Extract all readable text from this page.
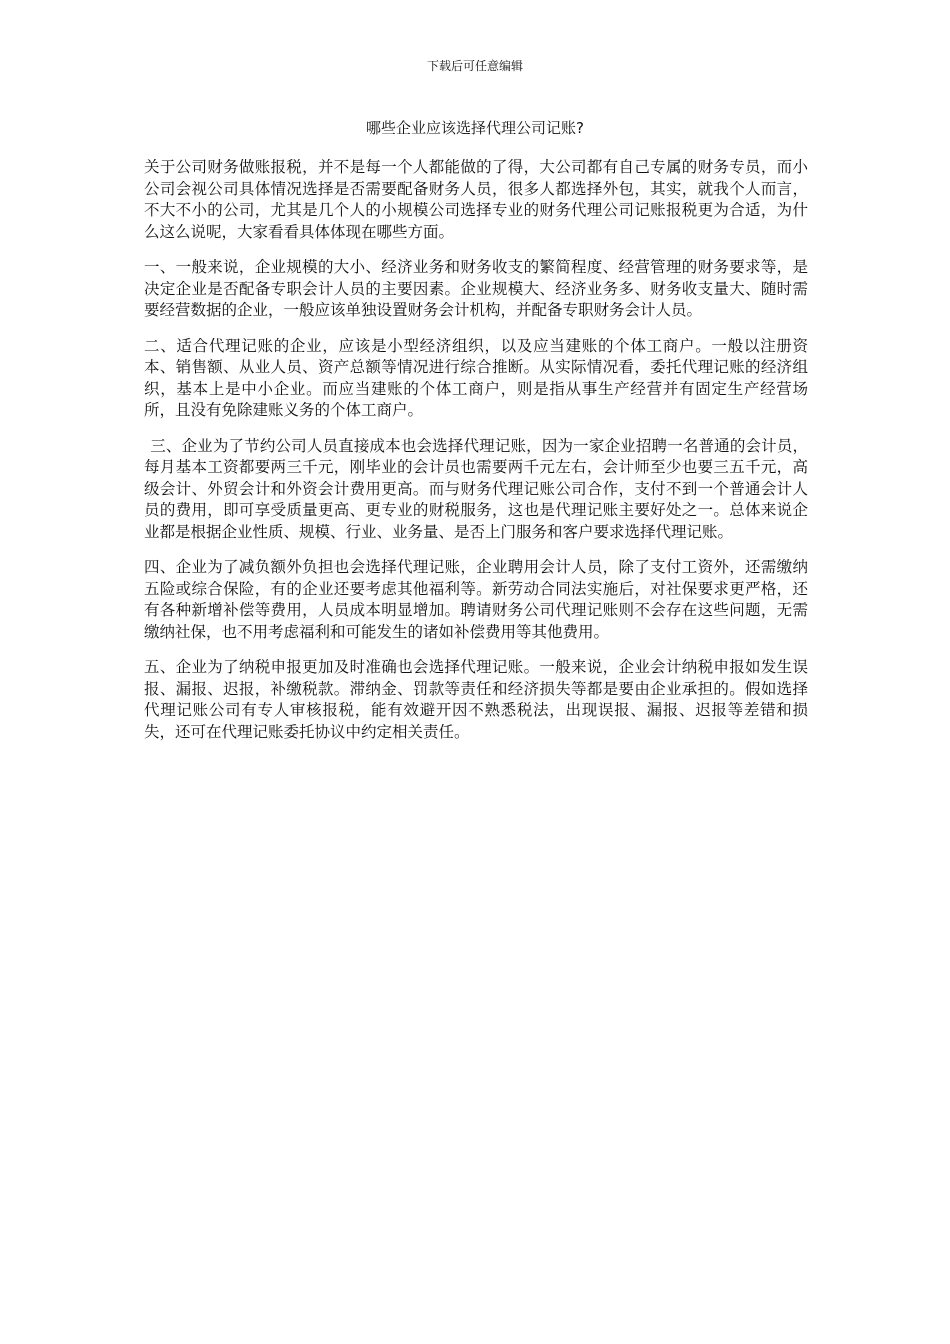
下载后可任意编辑
哪些企业应该选择代理公司记账?

关于公司财务做账报税，并不是每一个人都能做的了得，大公司都有自己专属的财务专员，而小公司会视公司具体情况选择是否需要配备财务人员，很多人都选择外包，其实，就我个人而言，不大不小的公司，尤其是几个人的小规模公司选择专业的财务代理公司记账报税更为合适，为什么这么说呢，大家看看具体体现在哪些方面。

一、一般来说，企业规模的大小、经济业务和财务收支的繁简程度、经营管理的财务要求等，是决定企业是否配备专职会计人员的主要因素。企业规模大、经济业务多、财务收支量大、随时需要经营数据的企业，一般应该单独设置财务会计机构，并配备专职财务会计人员。

二、适合代理记账的企业，应该是小型经济组织，以及应当建账的个体工商户。一般以注册资本、销售额、从业人员、资产总额等情况进行综合推断。从实际情况看，委托代理记账的经济组织，基本上是中小企业。而应当建账的个体工商户，则是指从事生产经营并有固定生产经营场所，且没有免除建账义务的个体工商户。

三、企业为了节约公司人员直接成本也会选择代理记账，因为一家企业招聘一名普通的会计员，每月基本工资都要两三千元，刚毕业的会计员也需要两千元左右，会计师至少也要三五千元，高级会计、外贸会计和外资会计费用更高。而与财务代理记账公司合作，支付不到一个普通会计人员的费用，即可享受质量更高、更专业的财税服务，这也是代理记账主要好处之一。总体来说企业都是根据企业性质、规模、行业、业务量、是否上门服务和客户要求选择代理记账。

四、企业为了减负额外负担也会选择代理记账，企业聘用会计人员，除了支付工资外，还需缴纳五险或综合保险，有的企业还要考虑其他福利等。新劳动合同法实施后，对社保要求更严格，还有各种新增补偿等费用，人员成本明显增加。聘请财务公司代理记账则不会存在这些问题，无需缴纳社保，也不用考虑福利和可能发生的诸如补偿费用等其他费用。

五、企业为了纳税申报更加及时准确也会选择代理记账。一般来说，企业会计纳税申报如发生误报、漏报、迟报，补缴税款。滞纳金、罚款等责任和经济损失等都是要由企业承担的。假如选择代理记账公司有专人审核报税，能有效避开因不熟悉税法，出现误报、漏报、迟报等差错和损失，还可在代理记账委托协议中约定相关责任。
